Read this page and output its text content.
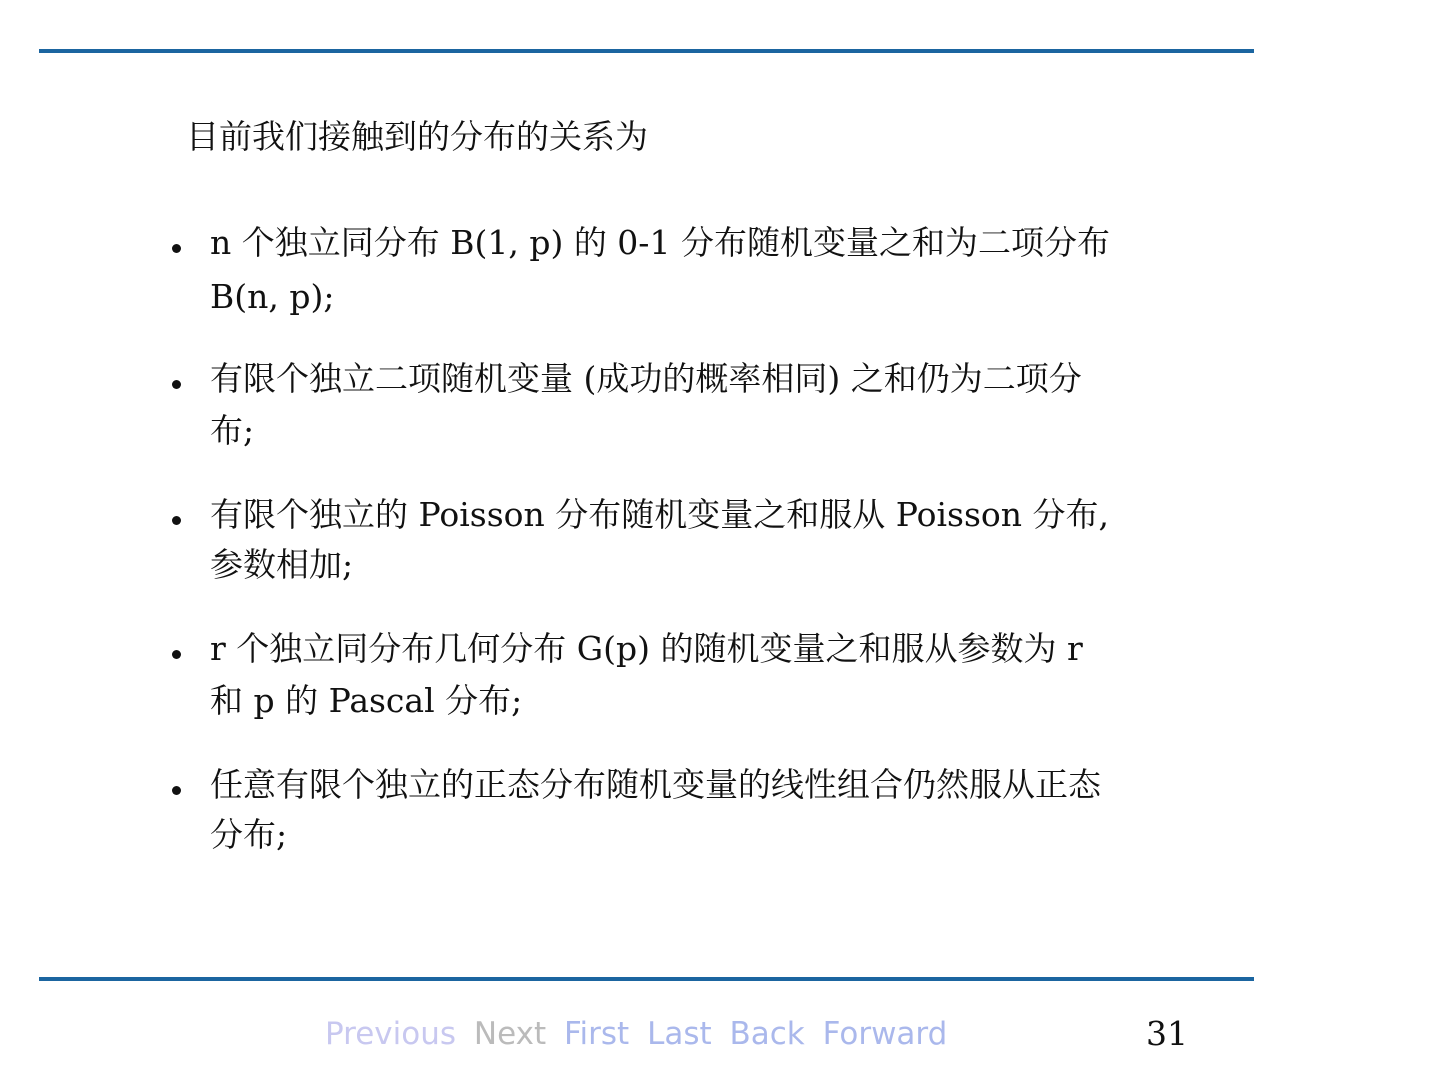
目前我们接触到的分布的关系为
n 个独立同分布 B(1, p) 的 0-1 分布随机变量之和为二项分布
B(n, p);
有限个独立二项随机变量 (成功的概率相同) 之和仍为二项分
布;
有限个独立的 Poisson 分布随机变量之和服从 Poisson 分布,
参数相加;
r 个独立同分布几何分布 G(p) 的随机变量之和服从参数为 r
和 p 的 Pascal 分布;
任意有限个独立的正态分布随机变量的线性组合仍然服从正态
分布;
Previous Next First Last Back Forward	31
